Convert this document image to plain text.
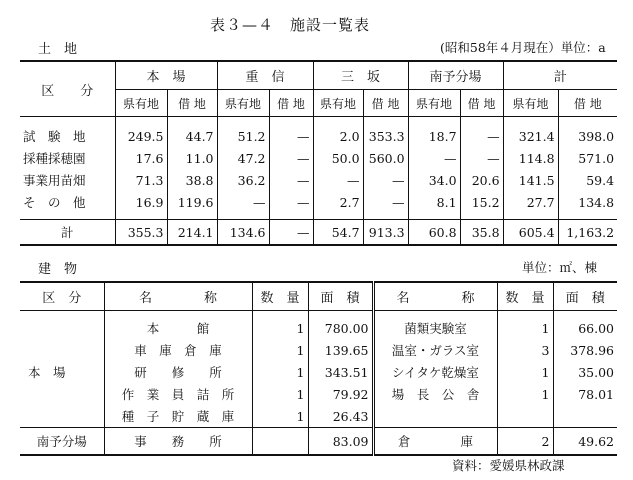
表３—４　施設一覧表
土　地	(昭和58年４月現在）単位：a
区　　分	本　場		重　信		三　坂		南予分場		計	
	県有地	借 地	県有地	借 地	県有地	借 地	県有地	借 地	県有地	借 地
試　験　地	249.5	44.7	51.2	—	2.0	353.3	18.7	—	321.4	398.0
採種採穂園	17.6	11.0	47.2	—	50.0	560.0	—	—	114.8	571.0
事業用苗畑	71.3	38.8	36.2	—	—	—	34.0	20.6	141.5	59.4
そ　の　他	16.9	119.6	—	—	2.7	—	8.1	15.2	27.7	134.8
計	355.3	214.1	134.6	—	54.7	913.3	60.8	35.8	605.4	1,163.2
建　物	単位：㎡、棟
区　分	名　　　　称	数　量	面　積	名　　　　称	数　量	面　積
本　場	本　　　館	1	780.00	菌類実験室	1	66.00
	車　庫　倉　庫	1	139.65	温室・ガラス室	3	378.96
	研　　修　　所	1	343.51	シイタケ乾燥室	1	35.00
	作　業　員　詰　所	1	79.92	場　長　公　舎	1	78.01
	種　子　貯　蔵　庫	1	26.43			
南予分場	事　　務　　所		83.09	倉　　　　庫	2	49.62
資料：愛媛県林政課
